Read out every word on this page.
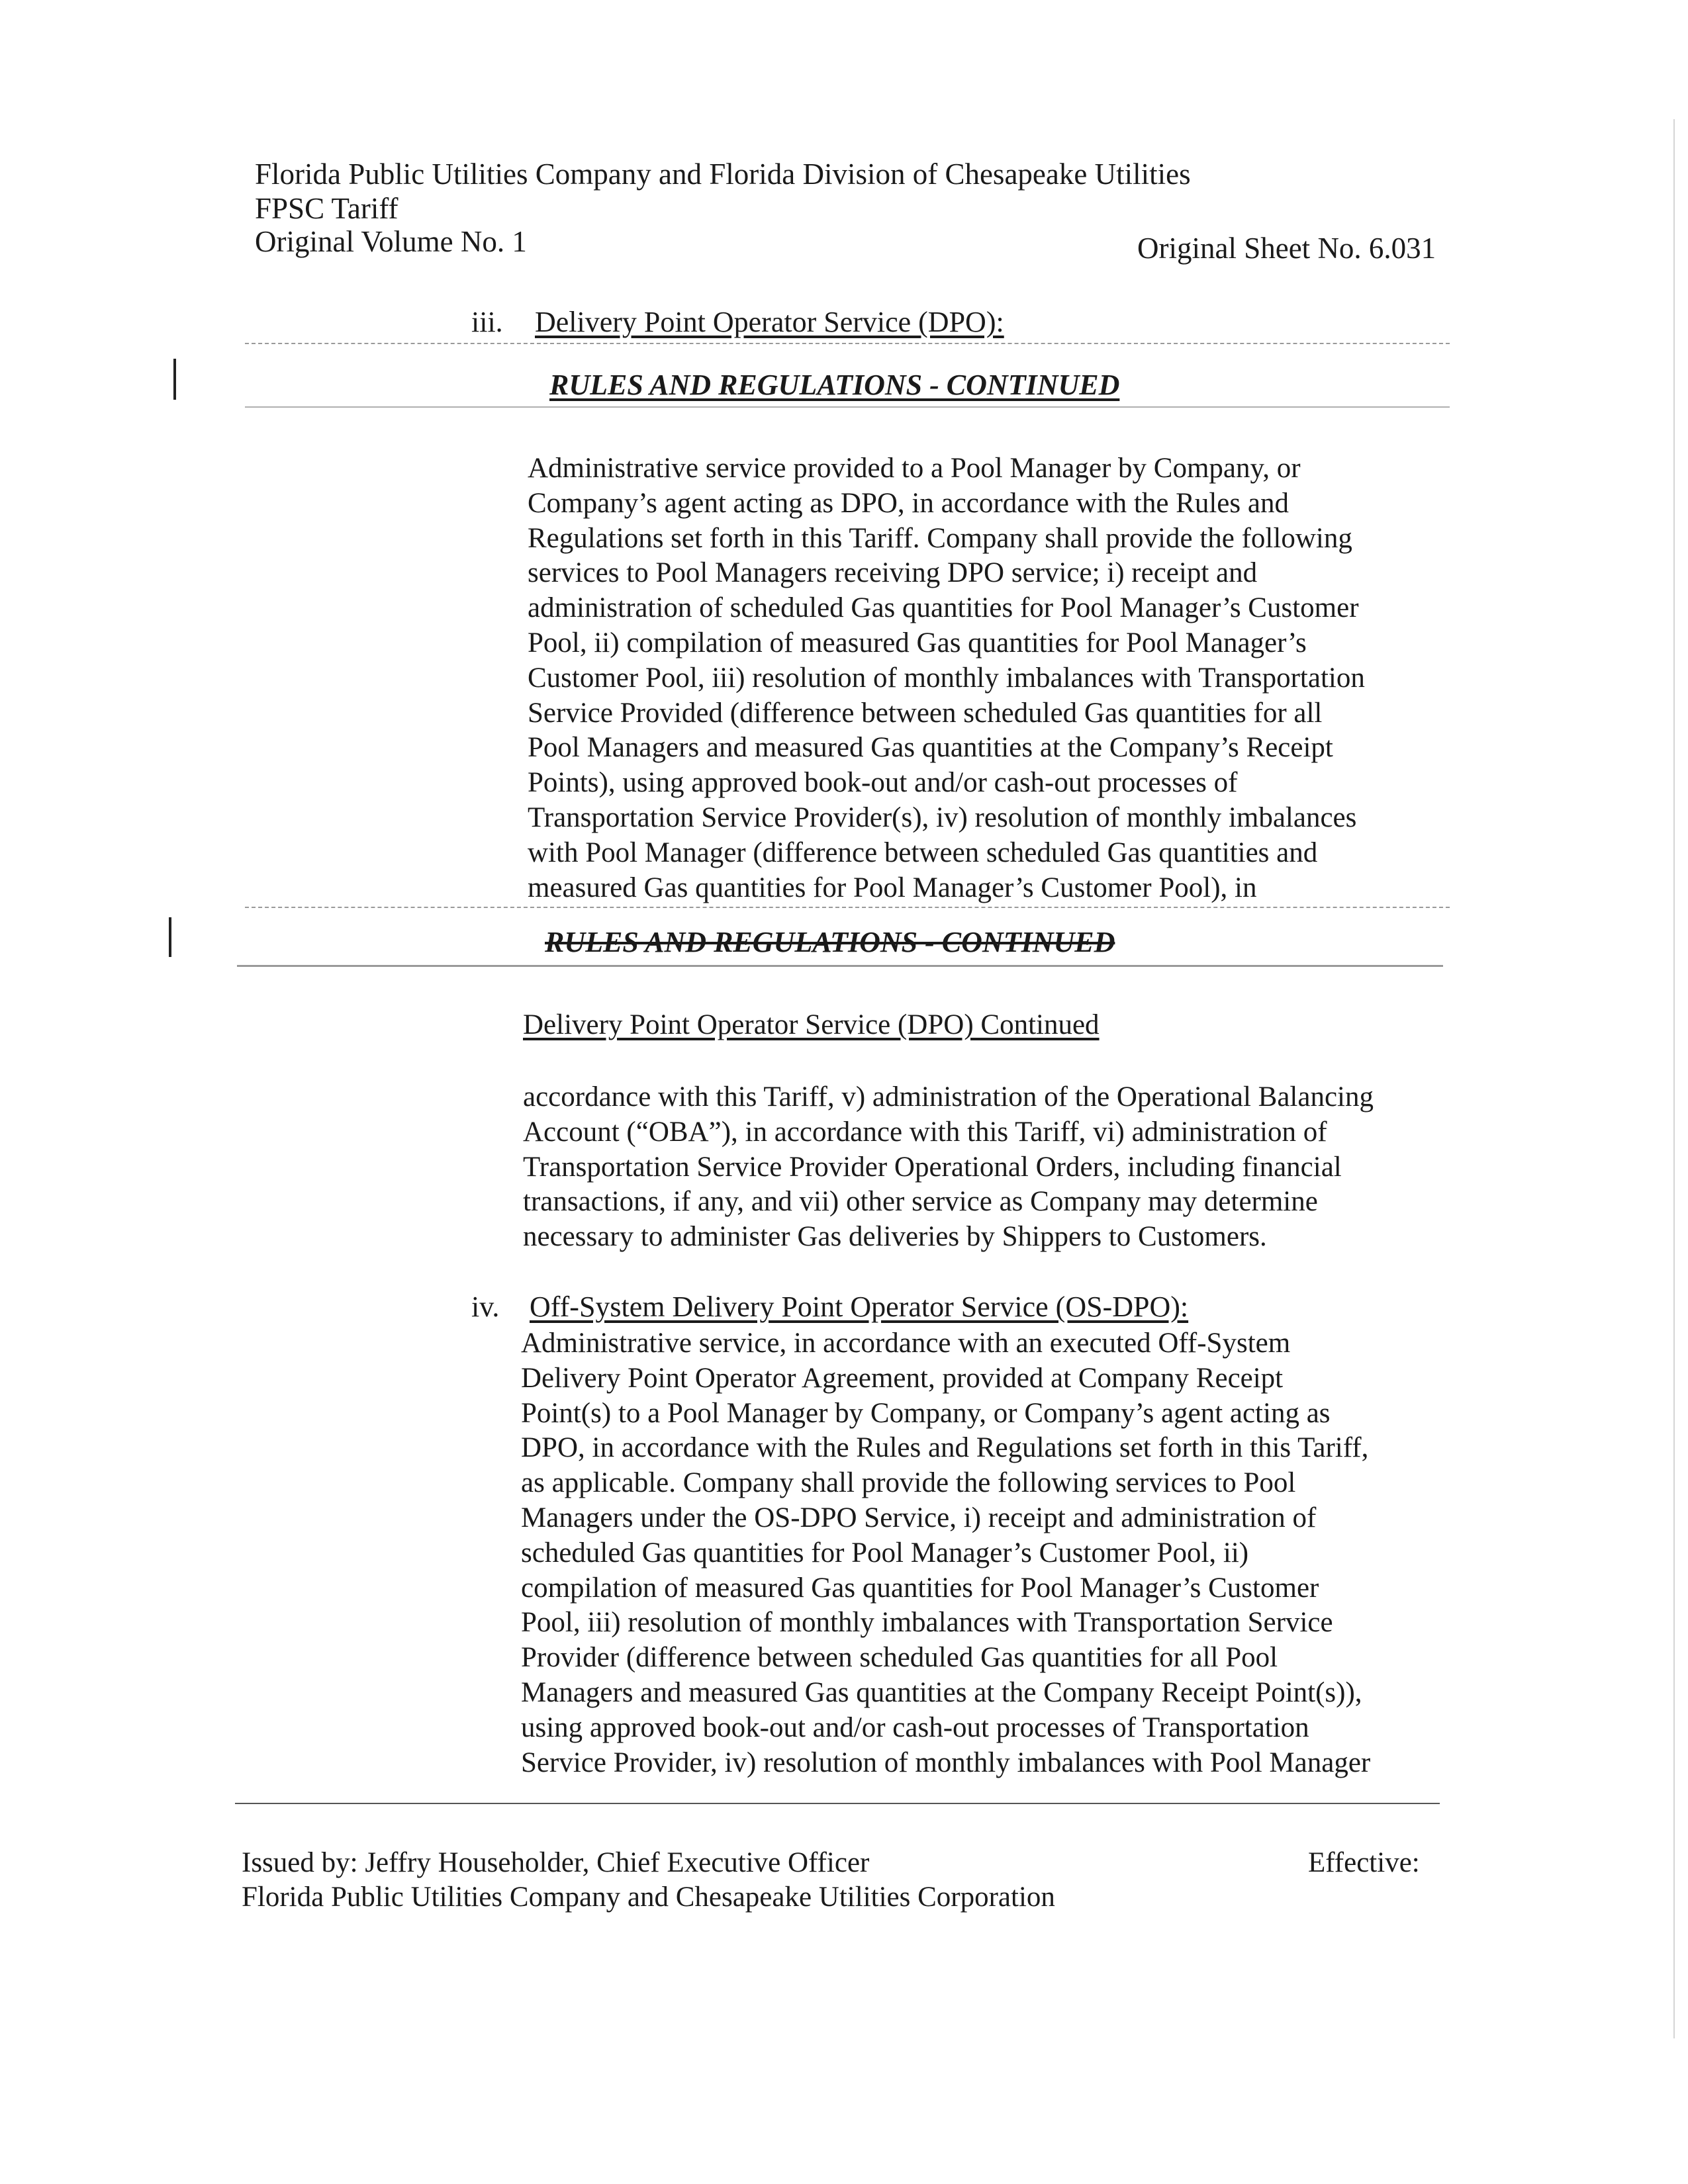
Florida Public Utilities Company and Florida Division of Chesapeake Utilities
FPSC Tariff
Original Volume No. 1	Original Sheet No. 6.031
iii. Delivery Point Operator Service (DPO):
RULES AND REGULATIONS - CONTINUED
Administrative service provided to a Pool Manager by Company, or
Company’s agent acting as DPO, in accordance with the Rules and
Regulations set forth in this Tariff. Company shall provide the following
services to Pool Managers receiving DPO service; i) receipt and
administration of scheduled Gas quantities for Pool Manager’s Customer
Pool, ii) compilation of measured Gas quantities for Pool Manager’s
Customer Pool, iii) resolution of monthly imbalances with Transportation
Service Provided (difference between scheduled Gas quantities for all
Pool Managers and measured Gas quantities at the Company’s Receipt
Points), using approved book-out and/or cash-out processes of
Transportation Service Provider(s), iv) resolution of monthly imbalances
with Pool Manager (difference between scheduled Gas quantities and
measured Gas quantities for Pool Manager’s Customer Pool), in
RULES AND REGULATIONS - CONTINUED
Delivery Point Operator Service (DPO) Continued
accordance with this Tariff, v) administration of the Operational Balancing
Account (“OBA”), in accordance with this Tariff, vi) administration of
Transportation Service Provider Operational Orders, including financial
transactions, if any, and vii) other service as Company may determine
necessary to administer Gas deliveries by Shippers to Customers.
iv. Off-System Delivery Point Operator Service (OS-DPO):
Administrative service, in accordance with an executed Off-System
Delivery Point Operator Agreement, provided at Company Receipt
Point(s) to a Pool Manager by Company, or Company’s agent acting as
DPO, in accordance with the Rules and Regulations set forth in this Tariff,
as applicable. Company shall provide the following services to Pool
Managers under the OS-DPO Service, i) receipt and administration of
scheduled Gas quantities for Pool Manager’s Customer Pool, ii)
compilation of measured Gas quantities for Pool Manager’s Customer
Pool, iii) resolution of monthly imbalances with Transportation Service
Provider (difference between scheduled Gas quantities for all Pool
Managers and measured Gas quantities at the Company Receipt Point(s)),
using approved book-out and/or cash-out processes of Transportation
Service Provider, iv) resolution of monthly imbalances with Pool Manager
Issued by: Jeffry Householder, Chief Executive Officer
Florida Public Utilities Company and Chesapeake Utilities Corporation
Effective:
